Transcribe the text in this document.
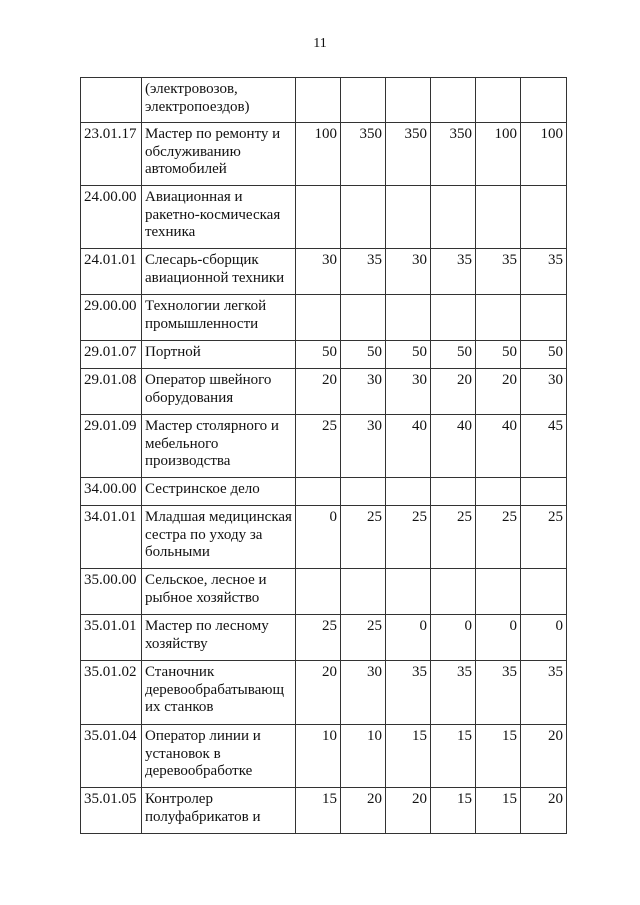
11
	(электровозов, электропоездов)						
23.01.17	Мастер по ремонту и обслуживанию автомобилей	100	350	350	350	100	100
24.00.00	Авиационная и ракетно-космическая техника						
24.01.01	Слесарь-сборщик авиационной техники	30	35	30	35	35	35
29.00.00	Технологии легкой промышленности						
29.01.07	Портной	50	50	50	50	50	50
29.01.08	Оператор швейного оборудования	20	30	30	20	20	30
29.01.09	Мастер столярного и мебельного производства	25	30	40	40	40	45
34.00.00	Сестринское дело						
34.01.01	Младшая медицинская сестра по уходу за больными	0	25	25	25	25	25
35.00.00	Сельское, лесное и рыбное хозяйство						
35.01.01	Мастер по лесному хозяйству	25	25	0	0	0	0
35.01.02	Станочник деревообрабатывающ их станков	20	30	35	35	35	35
35.01.04	Оператор линии и установок в деревообработке	10	10	15	15	15	20
35.01.05	Контролер полуфабрикатов и	15	20	20	15	15	20
